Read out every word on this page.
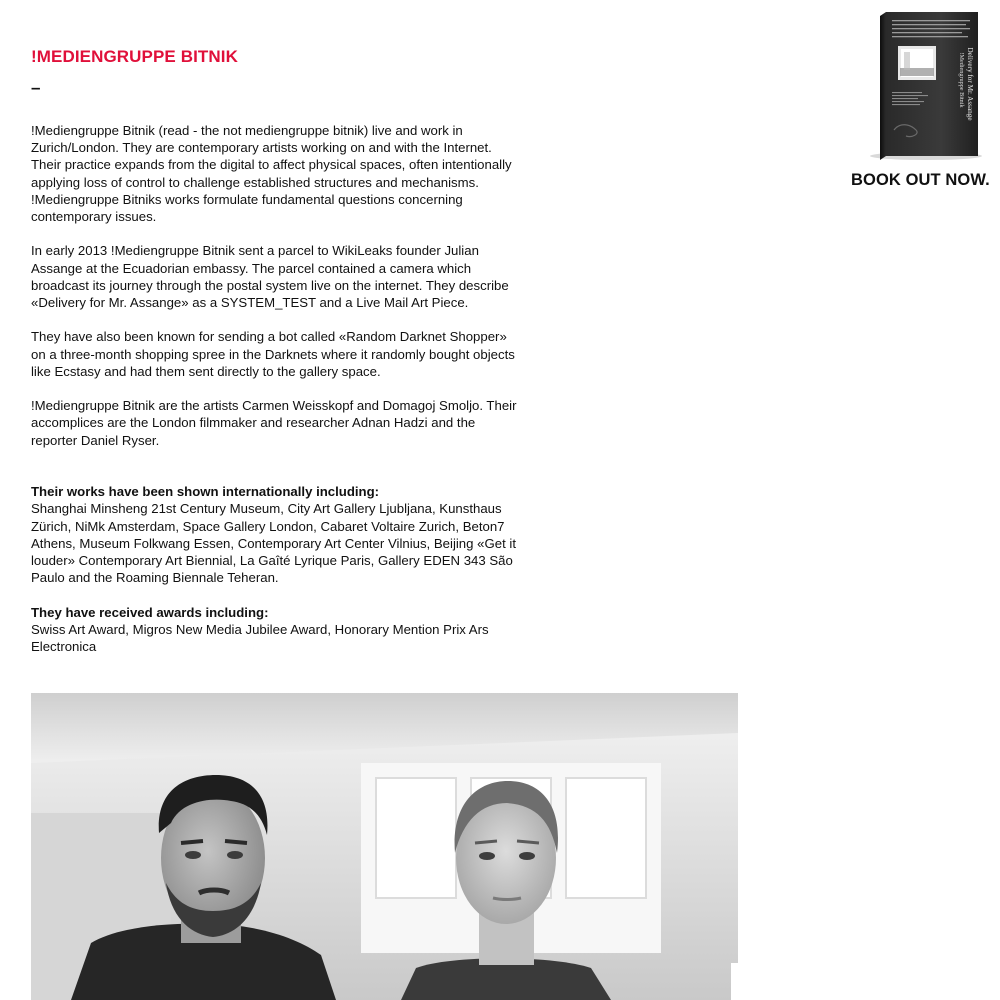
!MEDIENGRUPPE BITNIK
–

!Mediengruppe Bitnik (read - the not mediengruppe bitnik) live and work in Zurich/London. They are contemporary artists working on and with the Internet. Their practice expands from the digital to affect physical spaces, often intentionally applying loss of control to challenge established structures and mechanisms. !Mediengruppe Bitniks works formulate fundamental questions concerning contemporary issues.

In early 2013 !Mediengruppe Bitnik sent a parcel to WikiLeaks founder Julian Assange at the Ecuadorian embassy. The parcel contained a camera which broadcast its journey through the postal system live on the internet. They describe «Delivery for Mr. Assange» as a SYSTEM_TEST and a Live Mail Art Piece.

They have also been known for sending a bot called «Random Darknet Shopper» on a three-month shopping spree in the Darknets where it randomly bought objects like Ecstasy and had them sent directly to the gallery space.

!Mediengruppe Bitnik are the artists Carmen Weisskopf and Domagoj Smoljo. Their accomplices are the London filmmaker and researcher Adnan Hadzi and the reporter Daniel Ryser.

Their works have been shown internationally including:
Shanghai Minsheng 21st Century Museum, City Art Gallery Ljubljana, Kunsthaus Zürich, NiMk Amsterdam, Space Gallery London, Cabaret Voltaire Zurich, Beton7 Athens, Museum Folkwang Essen, Contemporary Art Center Vilnius, Beijing «Get it louder» Contemporary Art Biennial, La Gaîté Lyrique Paris, Gallery EDEN 343 São Paulo and the Roaming Biennale Teheran.

They have received awards including:
Swiss Art Award, Migros New Media Jubilee Award, Honorary Mention Prix Ars Electronica

!Mediengruppe Bitnik Delivery for Mr. Assange
BOOK OUT NOW.
